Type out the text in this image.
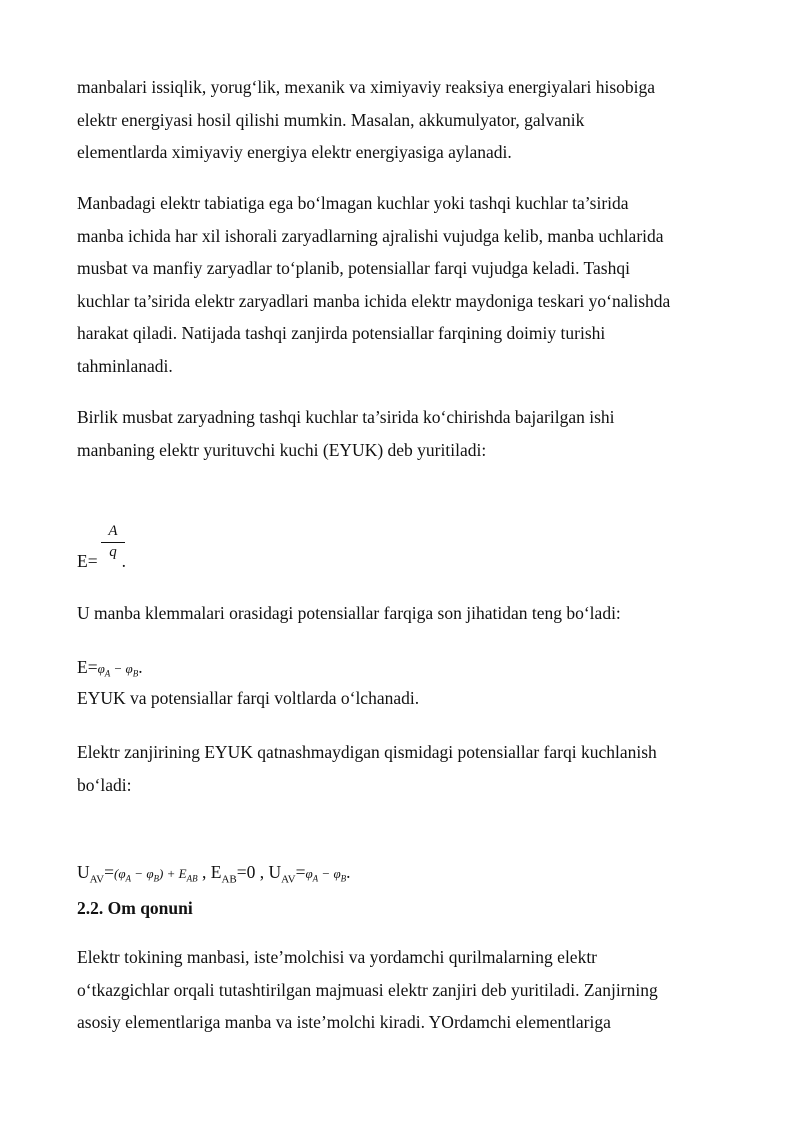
manbalari issiqlik, yorug‘lik, mexanik va ximiyaviy reaksiya energiyalari hisobiga
elektr energiyasi hosil qilishi mumkin. Masalan, akkumulyator, galvanik
elementlarda ximiyaviy energiya elektr energiyasiga aylanadi.

Manbadagi elektr tabiatiga ega bo‘lmagan kuchlar yoki tashqi kuchlar ta’sirida
manba ichida har xil ishorali zaryadlarning ajralishi vujudga kelib, manba uchlarida
musbat va manfiy zaryadlar to‘planib, potensiallar farqi vujudga keladi. Tashqi
kuchlar ta’sirida elektr zaryadlari manba ichida elektr maydoniga teskari yo‘nalishda
harakat qiladi. Natijada tashqi zanjirda potensiallar farqining doimiy turishi
tahminlanadi.

Birlik musbat zaryadning tashqi kuchlar ta’sirida ko‘chirishda bajarilgan ishi
manbaning elektr yurituvchi kuchi (EYUK) deb yuritiladi:

A
q
E= .

U manba klemmalari orasidagi potensiallar farqiga son jihatidan teng bo‘ladi:

$E=\varphi_A - \varphi_B$.

EYUK va potensiallar farqi voltlarda o‘lchanadi.

Elektr zanjirining EYUK qatnashmaydigan qismidagi potensiallar farqi kuchlanish
bo‘ladi:

$U_{AV}=(\varphi_A - \varphi_B) + E_{AB}$ , $E_{AB}=0$ , $U_{AV}=\varphi_A - \varphi_B$.
2.2. Om qonuni

Elektr tokining manbasi, iste’molchisi va yordamchi qurilmalarning elektr
o‘tkazgichlar orqali tutashtirilgan majmuasi elektr zanjiri deb yuritiladi. Zanjirning
asosiy elementlariga manba va iste’molchi kiradi. YOrdamchi elementlariga
